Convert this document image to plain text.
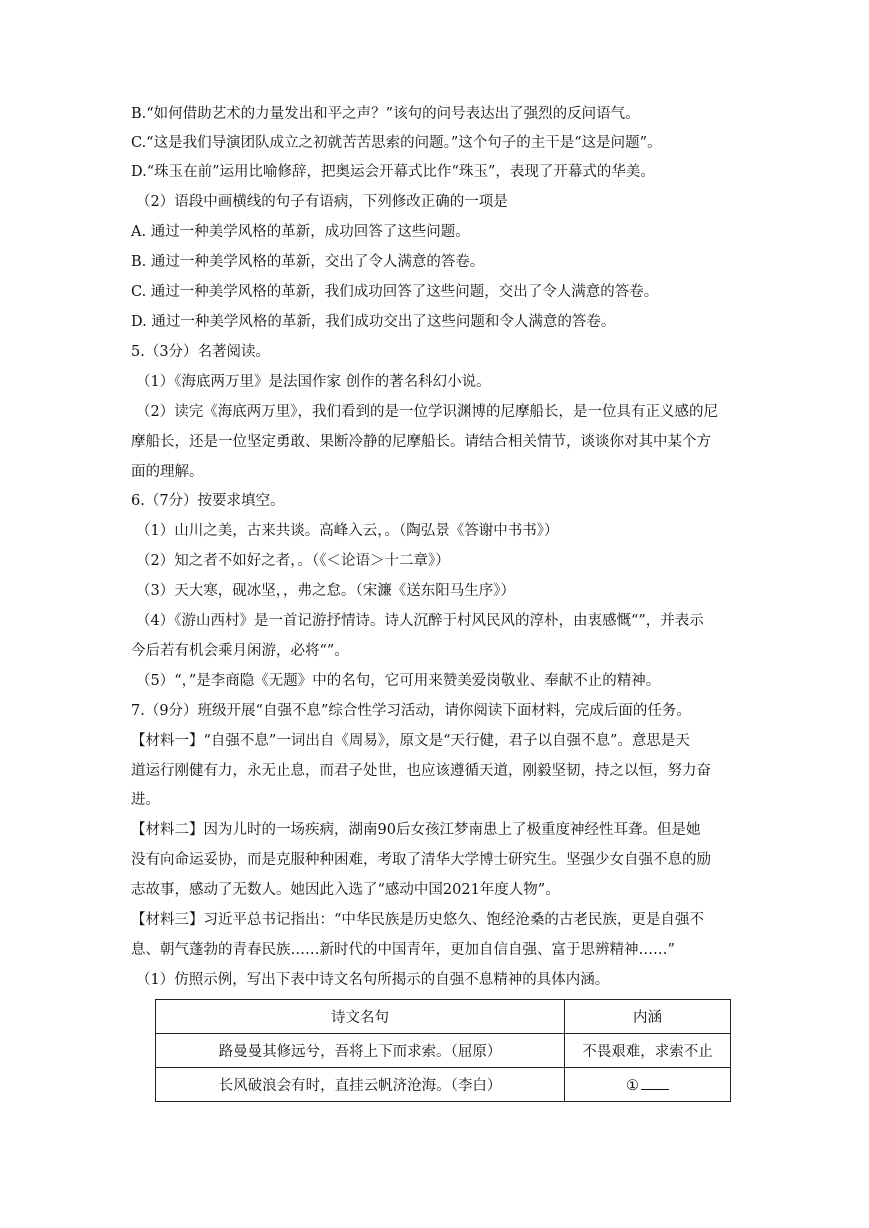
B.“如何借助艺术的力量发出和平之声？”该句的问号表达出了强烈的反问语气。
C.“这是我们导演团队成立之初就苦苦思索的问题。”这个句子的主干是“这是问题”。
D.“珠玉在前”运用比喻修辞，把奥运会开幕式比作“珠玉”，表现了开幕式的华美。
（2）语段中画横线的句子有语病，下列修改正确的一项是
A. 通过一种美学风格的革新，成功回答了这些问题。
B. 通过一种美学风格的革新，交出了令人满意的答卷。
C. 通过一种美学风格的革新，我们成功回答了这些问题，交出了令人满意的答卷。
D. 通过一种美学风格的革新，我们成功交出了这些问题和令人满意的答卷。
5.（3分）名著阅读。
（1）《海底两万里》是法国作家 创作的著名科幻小说。
（2）读完《海底两万里》，我们看到的是一位学识渊博的尼摩船长，是一位具有正义感的尼
摩船长，还是一位坚定勇敢、果断冷静的尼摩船长。请结合相关情节，谈谈你对其中某个方
面的理解。
6.（7分）按要求填空。
（1）山川之美，古来共谈。高峰入云，。（陶弘景《答谢中书书》）
（2）知之者不如好之者，。（《＜论语＞十二章》）
（3）天大寒，砚冰坚，，弗之怠。（宋濂《送东阳马生序》）
（4）《游山西村》是一首记游抒情诗。诗人沉醉于村风民风的淳朴，由衷感慨“”，并表示
今后若有机会乘月闲游，必将“”。
（5）“，”是李商隐《无题》中的名句，它可用来赞美爱岗敬业、奉献不止的精神。
7.（9分）班级开展“自强不息”综合性学习活动，请你阅读下面材料，完成后面的任务。
【材料一】“自强不息”一词出自《周易》，原文是“天行健，君子以自强不息”。意思是天
道运行刚健有力，永无止息，而君子处世，也应该遵循天道，刚毅坚韧，持之以恒，努力奋
进。
【材料二】因为儿时的一场疾病，湖南90后女孩江梦南患上了极重度神经性耳聋。但是她
没有向命运妥协，而是克服种种困难，考取了清华大学博士研究生。坚强少女自强不息的励
志故事，感动了无数人。她因此入选了“感动中国2021年度人物”。
【材料三】习近平总书记指出：“中华民族是历史悠久、饱经沧桑的古老民族，更是自强不
息、朝气蓬勃的青春民族……新时代的中国青年，更加自信自强、富于思辨精神……”
（1）仿照示例，写出下表中诗文名句所揭示的自强不息精神的具体内涵。
诗文名句	内涵
路曼曼其修远兮，吾将上下而求索。（屈原）	不畏艰难，求索不止
长风破浪会有时，直挂云帆济沧海。（李白）	①
